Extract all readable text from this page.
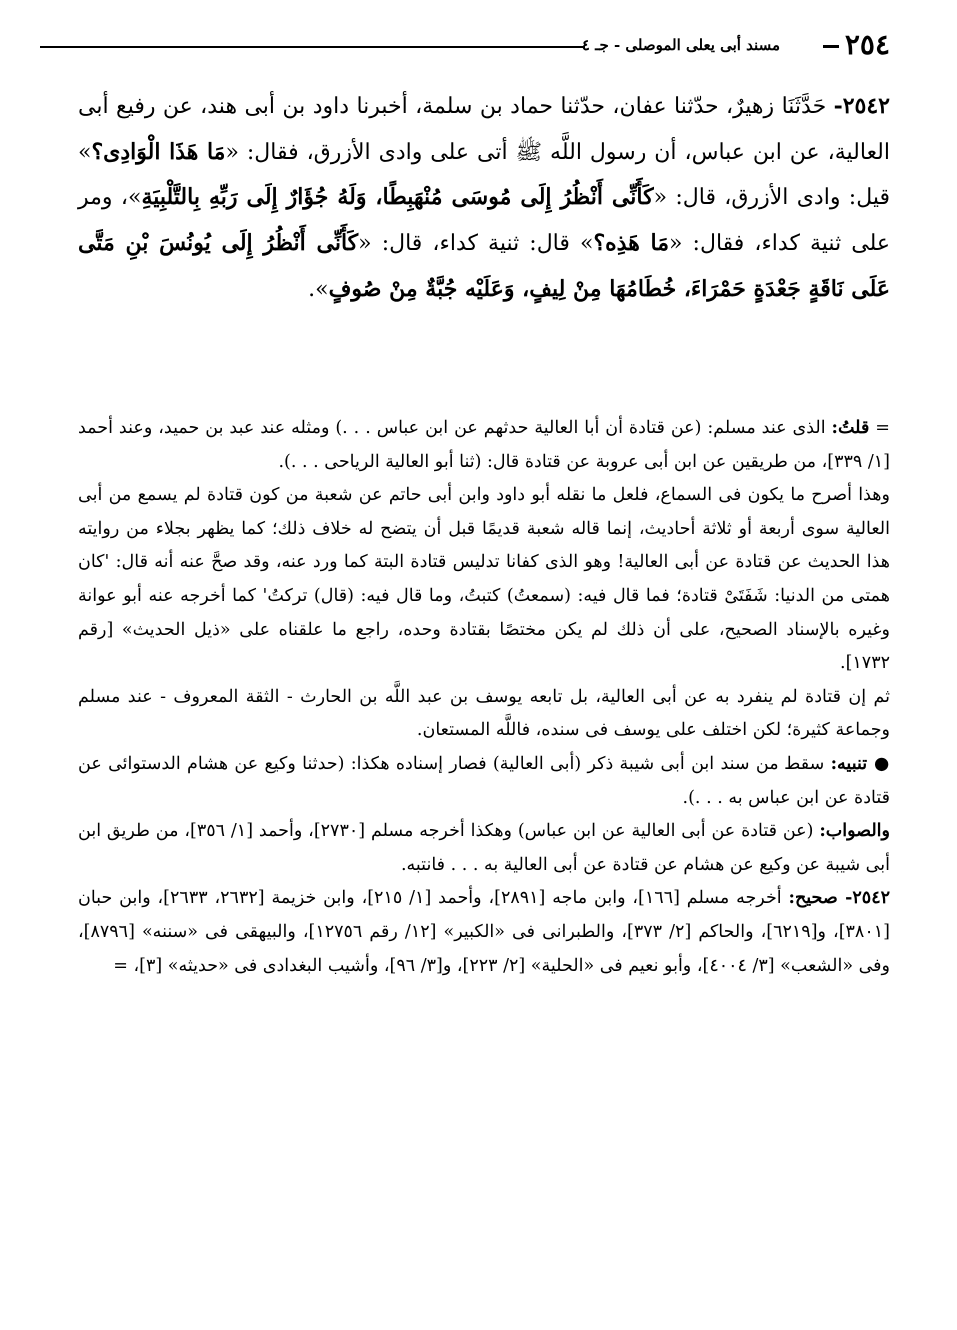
٢٥٤
مسند أبى يعلى الموصلى - جـ ٤

٢٥٤٢- حَدَّثَنَا زهيرٌ، حدّثنا عفان، حدّثنا حماد بن سلمة، أخبرنا داود بن أبى هند، عن رفيع أبى العالية، عن ابن عباس، أن رسول اللَّه ﷺ أتى على وادى الأزرق، فقال: «مَا هَذَا الْوَادِى؟» قيل: وادى الأزرق، قال: «كَأَنِّى أَنْظُرُ إِلَى مُوسَى مُنْهَبِطًا، وَلَهُ جُؤَارٌ إِلَى رَبِّهِ بِالتَّلْبِيَةِ»، ومر على ثنية كداء، فقال: «مَا هَذِه؟» قال: ثنية كداء، قال: «كَأَنِّى أَنْظُرُ إِلَى يُونُسَ بْنِ مَتَّى عَلَى نَاقَةٍ جَعْدَةٍ حَمْرَاءَ، خُطَامُهَا مِنْ لِيفٍ، وَعَلَيْه جُبَّةٌ مِنْ صُوفٍ».

= قلتُ: الذى عند مسلم: (عن قتادة أن أبا العالية حدثهم عن ابن عباس . . .) ومثله عند عبد بن حميد، وعند أحمد [١/ ٣٣٩]، من طريقين عن ابن أبى عروبة عن قتادة قال: (ثنا أبو العالية الرياحى . . .).

وهذا أصرح ما يكون فى السماع، فلعل ما نقله أبو داود وابن أبى حاتم عن شعبة من كون قتادة لم يسمع من أبى العالية سوى أربعة أو ثلاثة أحاديث، إنما قاله شعبة قديمًا قبل أن يتضح له خلاف ذلك؛ كما يظهر بجلاء من روايته هذا الحديث عن قتادة عن أبى العالية! وهو الذى كفانا تدليس قتادة البتة كما ورد عنه، وقد صحَّ عنه أنه قال: 'كان همتى من الدنيا: شَفَتَىْ قتادة؛ فما قال فيه: (سمعتُ) كتبتُ، وما قال فيه: (قال) تركتُ' كما أخرجه عنه أبو عوانة وغيره بالإسناد الصحيح، على أن ذلك لم يكن مختصًا بقتادة وحده، راجع ما علقناه على «ذيل الحديث» [رقم ١٧٣٢].

ثم إن قتادة لم ينفرد به عن أبى العالية، بل تابعه يوسف بن عبد اللَّه بن الحارث - الثقة المعروف - عند مسلم وجماعة كثيرة؛ لكن اختلف على يوسف فى سنده، فاللَّه المستعان.

● تنبيه: سقط من سند ابن أبى شيبة ذكر (أبى العالية) فصار إسناده هكذا: (حدثنا وكيع عن هشام الدستوائى عن قتادة عن ابن عباس به . . .).

والصواب: (عن قتادة عن أبى العالية عن ابن عباس) وهكذا أخرجه مسلم [٢٧٣٠]، وأحمد [١/ ٣٥٦]، من طريق ابن أبى شيبة عن وكيع عن هشام عن قتادة عن أبى العالية به . . . فانتبه.

٢٥٤٢- صحيح: أخرجه مسلم [١٦٦]، وابن ماجه [٢٨٩١]، وأحمد [١/ ٢١٥]، وابن خزيمة [٢٦٣٢، ٢٦٣٣]، وابن حبان [٣٨٠١]، و[٦٢١٩]، والحاكم [٢/ ٣٧٣]، والطبرانى فى «الكبير» [١٢/ رقم ١٢٧٥٦]، والبيهقى فى «سننه» [٨٧٩٦]، وفى «الشعب» [٣/ ٤٠٠٤]، وأبو نعيم فى «الحلية» [٢/ ٢٢٣]، و[٣/ ٩٦]، وأشيب البغدادى فى «حديثه» [٣]، =
